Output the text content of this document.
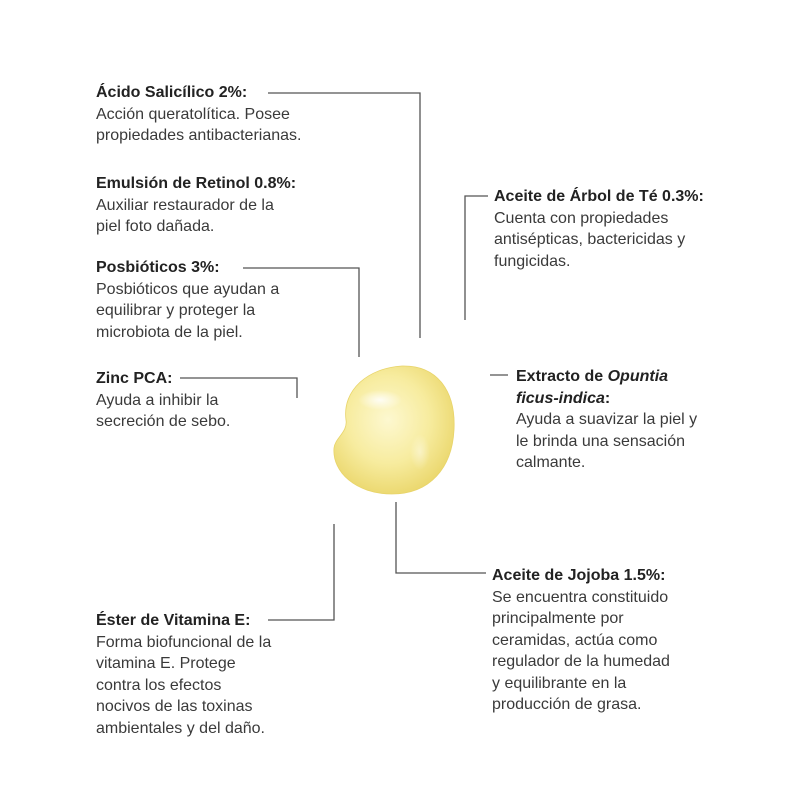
Ácido Salicílico 2%:
Acción queratolítica. Posee
propiedades antibacterianas.
Emulsión de Retinol 0.8%:
Auxiliar restaurador de la
piel foto dañada.
Posbióticos 3%:
Posbióticos que ayudan a
equilibrar y proteger la
microbiota de la piel.
Zinc PCA:
Ayuda a inhibir la
secreción de sebo.
Éster de Vitamina E:
Forma biofuncional de la
vitamina E. Protege
contra los efectos
nocivos de las toxinas
ambientales y del daño.
Aceite de Árbol de Té 0.3%:
Cuenta con propiedades
antisépticas, bactericidas y
fungicidas.
Extracto de Opuntia
ficus-indica:
Ayuda a suavizar la piel y
le brinda una sensación
calmante.
Aceite de Jojoba 1.5%:
Se encuentra constituido
principalmente por
ceramidas, actúa como
regulador de la humedad
y equilibrante en la
producción de grasa.
